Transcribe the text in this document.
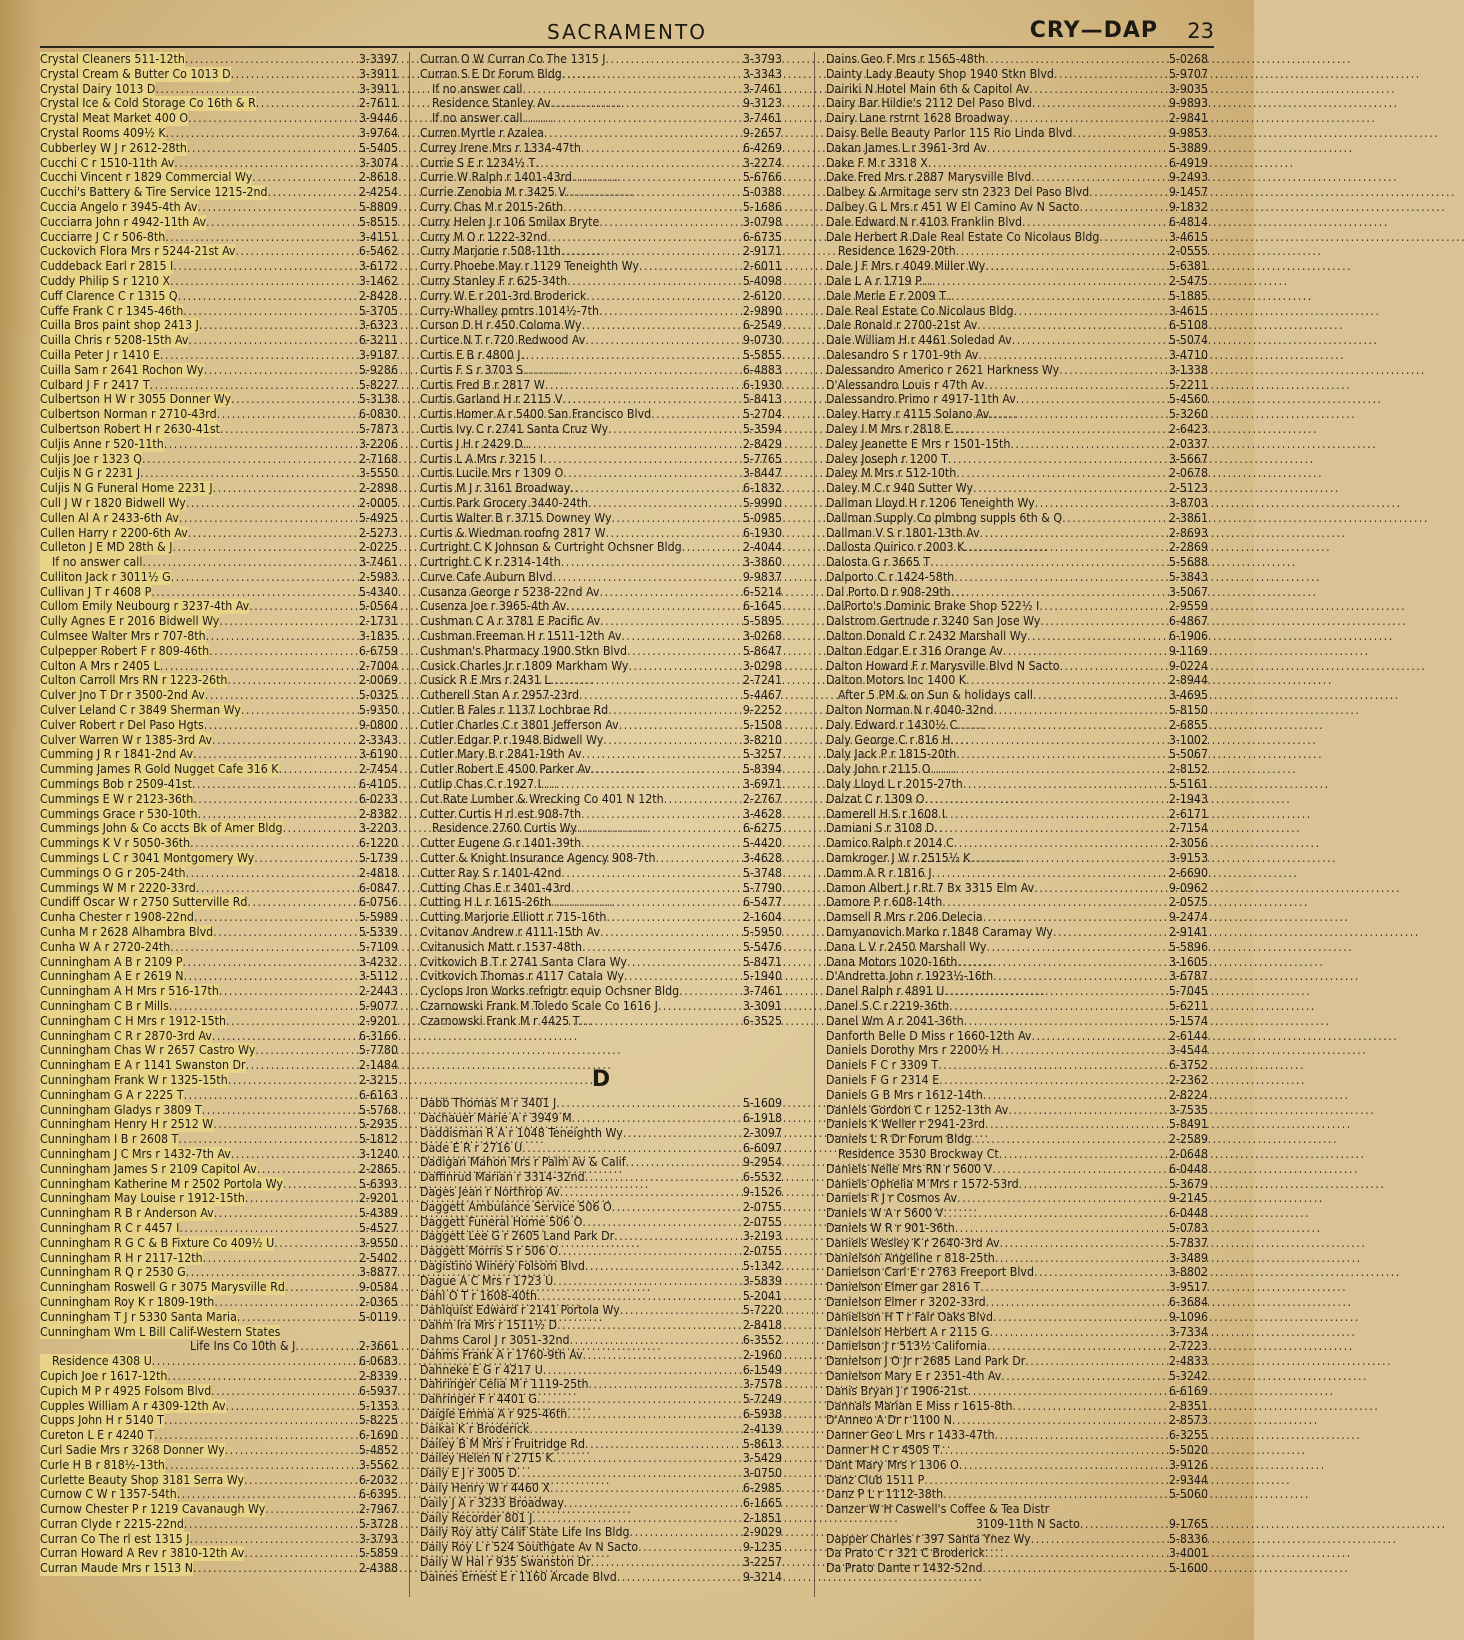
SACRAMENTO	CRY—DAP 23
Crystal Cleaners 511-12th . . .	3-3397
Crystal Cream & Butter Co 1013 D . . .	3-3911
Crystal Dairy 1013 D . . .	3-3911
Crystal Ice & Cold Storage Co 16th & R . . .	2-7611
Crystal Meat Market 400 O . . .	3-9446
Crystal Rooms 409½ K . . .	3-9764
Cubberley W J r 2612-28th . . .	5-5405
Cucchi C r 1510-11th Av . . .	3-3074
Cucchi Vincent r 1829 Commercial Wy . . .	2-8618
Cucchi's Battery & Tire Service 1215-2nd . . .	2-4254
Cuccia Angelo r 3945-4th Av . . .	5-8809
Cucciarra John r 4942-11th Av . . .	5-8515
Cucciarre J C r 506-8th . . .	3-4151
Cuckovich Flora Mrs r 5244-21st Av . . .	6-5462
Cuddeback Earl r 2815 I . . .	3-6172
Cuddy Philip S r 1210 X . . .	3-1462
Cuff Clarence C r 1315 Q . . .	2-8428
Cuffe Frank C r 1345-46th . . .	5-3705
Cuilla Bros paint shop 2413 J . . .	3-6323
Cuilla Chris r 5208-15th Av . . .	6-3211
Cuilla Peter J r 1410 E . . .	3-9187
Cuilla Sam r 2641 Rochon Wy . . .	5-9286
Culbard J F r 2417 T . . .	5-8227
Culbertson H W r 3055 Donner Wy . . .	5-3138
Culbertson Norman r 2710-43rd . . .	6-0830
Culbertson Robert H r 2630-41st . . .	5-7873
Culjis Anne r 520-11th . . .	3-2206
Culjis Joe r 1323 Q . . .	2-7168
Culjis N G r 2231 J . . .	3-5550
Culjis N G Funeral Home 2231 J . . .	2-2898
Cull J W r 1820 Bidwell Wy . . .	2-0005
Cullen Al A r 2433-6th Av . . .	5-4925
Cullen Harry r 2200-6th Av . . .	2-5273
Culleton J E MD 28th & J . . .	2-0225
If no answer call . . .	3-7461
Culliton Jack r 3011½ G . . .	2-5983
Cullivan J T r 4608 P . . .	5-4340
Cullom Emily Neubourg r 3237-4th Av . . .	5-0564
Cully Agnes E r 2016 Bidwell Wy . . .	2-1731
Culmsee Walter Mrs r 707-8th . . .	3-1835
Culpepper Robert F r 809-46th . . .	6-6759
Culton A Mrs r 2405 L . . .	2-7004
Culton Carroll Mrs RN r 1223-26th . . .	2-0069
Culver Jno T Dr r 3500-2nd Av . . .	5-0325
Culver Leland C r 3849 Sherman Wy . . .	5-9350
Culver Robert r Del Paso Hgts . . .	9-0800
Culver Warren W r 1385-3rd Av . . .	2-3343
Cumming J R r 1841-2nd Av . . .	3-6190
Cumming James R Gold Nugget Cafe 316 K . . .	2-7454
Cummings Bob r 2509-41st . . .	6-4105
Cummings E W r 2123-36th . . .	6-0233
Cummings Grace r 530-10th . . .	2-8382
Cummings John & Co accts Bk of Amer Bldg . . .	3-2203
Cummings K V r 5050-36th . . .	6-1220
Cummings L C r 3041 Montgomery Wy . . .	5-1739
Cummings O G r 205-24th . . .	2-4818
Cummings W M r 2220-33rd . . .	6-0847
Cundiff Oscar W r 2750 Sutterville Rd . . .	6-0756
Cunha Chester r 1908-22nd . . .	5-5989
Cunha M r 2628 Alhambra Blvd . . .	5-5339
Cunha W A r 2720-24th . . .	5-7109
Cunningham A B r 2109 P . . .	3-4232
Cunningham A E r 2619 N . . .	3-5112
Cunningham A H Mrs r 516-17th . . .	2-2443
Cunningham C B r Mills . . .	5-9077
Cunningham C H Mrs r 1912-15th . . .	2-9201
Cunningham C R r 2870-3rd Av . . .	6-3166
Cunningham Chas W r 2657 Castro Wy . . .	5-7780
Cunningham E A r 1141 Swanston Dr . . .	2-1484
Cunningham Frank W r 1325-15th . . .	2-3215
Cunningham G A r 2225 T . . .	6-6163
Cunningham Gladys r 3809 T . . .	5-5768
Cunningham Henry H r 2512 W . . .	5-2935
Cunningham I B r 2608 T . . .	5-1812
Cunningham J C Mrs r 1432-7th Av . . .	3-1240
Cunningham James S r 2109 Capitol Av . . .	2-2865
Cunningham Katherine M r 2502 Portola Wy . . .	5-6393
Cunningham May Louise r 1912-15th . . .	2-9201
Cunningham R B r Anderson Av . . .	5-4389
Cunningham R C r 4457 I . . .	5-4527
Cunningham R G C & B Fixture Co 409½ U . . .	3-9550
Cunningham R H r 2117-12th . . .	2-5402
Cunningham R Q r 2530 G . . .	3-8877
Cunningham Roswell G r 3075 Marysville Rd . . .	9-0584
Cunningham Roy K r 1809-19th . . .	2-0365
Cunningham T J r 5330 Santa Maria . . .	5-0119
Cunningham Wm L Bill Calif-Western States
Life Ins Co 10th & J . . .	2-3661
Residence 4308 U . . .	6-0683
Cupich Joe r 1617-12th . . .	2-8339
Cupich M P r 4925 Folsom Blvd . . .	6-5937
Cupples William A r 4309-12th Av . . .	5-1353
Cupps John H r 5140 T . . .	5-8225
Cureton L E r 4240 T . . .	6-1690
Curl Sadie Mrs r 3268 Donner Wy . . .	5-4852
Curle H B r 818½-13th . . .	3-5562
Curlette Beauty Shop 3181 Serra Wy . . .	6-2032
Curnow C W r 1357-54th . . .	6-6395
Curnow Chester P r 1219 Cavanaugh Wy . . .	2-7967
Curran Clyde r 2215-22nd . . .	5-3728
Curran Co The rl est 1315 J . . .	3-3793
Curran Howard A Rev r 3810-12th Av . . .	5-5859
Curran Maude Mrs r 1513 N . . .	2-4388
Curran O W Curran Co The 1315 J . . .	3-3793
Curran S E Dr Forum Bldg . . .	3-3343
If no answer call . . .	3-7461
Residence Stanley Av . . .	9-3123
If no answer call . . .	3-7461
Curren Myrtle r Azalea . . .	9-2657
Currey Irene Mrs r 1334-47th . . .	6-4269
Currie S E r 1234½ T . . .	3-2274
Currie W Ralph r 1401-43rd . . .	5-6766
Currie Zenobia M r 3425 V . . .	5-0388
Curry Chas M r 2015-26th . . .	5-1686
Curry Helen J r 106 Smilax Bryte . . .	3-0798
Curry M O r 1222-32nd . . .	6-6735
Curry Marjorie r 508-11th . . .	2-9171
Curry Phoebe May r 1129 Teneighth Wy . . .	2-6011
Curry Stanley F r 625-34th . . .	5-4098
Curry W E r 201-3rd Broderick . . .	2-6120
Curry-Whalley prntrs 1014½-7th . . .	2-9890
Curson D H r 450 Coloma Wy . . .	6-2549
Curtice N T r 720 Redwood Av . . .	9-0730
Curtis E B r 4800 J . . .	5-5855
Curtis F S r 3703 S . . .	6-4883
Curtis Fred B r 2817 W . . .	6-1930
Curtis Garland H r 2115 V . . .	5-8413
Curtis Homer A r 5400 San Francisco Blvd . . .	5-2704
Curtis Ivy C r 2741 Santa Cruz Wy . . .	5-3594
Curtis J H r 2429 D . . .	2-8429
Curtis L A Mrs r 3215 I . . .	5-7765
Curtis Lucile Mrs r 1309 O . . .	3-8447
Curtis M J r 3161 Broadway . . .	6-1832
Curtis Park Grocery 3440-24th . . .	5-9990
Curtis Walter B r 3715 Downey Wy . . .	5-0985
Curtis & Wiedman roofng 2817 W . . .	6-1930
Curtright C K Johnson & Curtright Ochsner Bldg . . .	2-4044
Curtright C K r 2314-14th . . .	3-3860
Curve Cafe Auburn Blvd . . .	9-9837
Cusanza George r 5238-22nd Av . . .	6-5214
Cusenza Joe r 3965-4th Av . . .	6-1645
Cushman C A r 3781 E Pacific Av . . .	5-5895
Cushman Freeman H r 1511-12th Av . . .	3-0268
Cushman's Pharmacy 1900 Stkn Blvd . . .	5-8647
Cusick Charles Jr r 1809 Markham Wy . . .	3-0298
Cusick R E Mrs r 2431 L . . .	2-7241
Cutherell Stan A r 2957-23rd . . .	5-4467
Cutler B Fales r 1137 Lochbrae Rd . . .	9-2252
Cutler Charles C r 3801 Jefferson Av . . .	5-1508
Cutler Edgar P r 1948 Bidwell Wy . . .	3-8210
Cutler Mary B r 2841-19th Av . . .	5-3257
Cutler Robert E 4500 Parker Av . . .	5-8394
Cutlip Chas C r 1927 I . . .	3-6971
Cut Rate Lumber & Wrecking Co 401 N 12th . . .	2-2767
Cutter Curtis H rl est 908-7th . . .	3-4628
Residence 2760 Curtis Wy . . .	6-6275
Cutter Eugene G r 1401-39th . . .	5-4420
Cutter & Knight Insurance Agency 908-7th . . .	3-4628
Cutter Ray S r 1401-42nd . . .	5-3748
Cutting Chas E r 3401-43rd . . .	5-7790
Cutting H L r 1615-26th . . .	6-5477
Cutting Marjorie Elliott r 715-16th . . .	2-1604
Cvitanov Andrew r 4111-15th Av . . .	5-5950
Cvitanusich Matt r 1537-48th . . .	5-5476
Cvitkovich B T r 2741 Santa Clara Wy . . .	5-8471
Cvitkovich Thomas r 4117 Catala Wy . . .	5-1940
Cyclops Iron Works refrigtr equip Ochsner Bldg . . .	3-7461
Czarnowski Frank M Toledo Scale Co 1616 J . . .	3-3091
Czarnowski Frank M r 4425 T . . .	6-3525
D
Dabb Thomas M r 3401 J . . .	5-1609
Dachauer Marie A r 3949 M . . .	6-1918
Daddisman R A r 1048 Teneighth Wy . . .	2-3097
Dade E R r 2716 U . . .	6-6097
Dadigan Mahon Mrs r Palm Av & Calif . . .	9-2954
Daffinrud Marian r 3314-32nd . . .	6-5532
Dages Jean r Northrop Av . . .	9-1526
Daggett Ambulance Service 506 O . . .	2-0755
Daggett Funeral Home 506 O . . .	2-0755
Daggett Lee G r 2605 Land Park Dr . . .	3-2193
Daggett Morris S r 506 O . . .	2-0755
Dagistino Winery Folsom Blvd . . .	5-1342
Dague A C Mrs r 1723 U . . .	3-5839
Dahl O T r 1608-40th . . .	5-2041
Dahlquist Edward r 2141 Portola Wy . . .	5-7220
Dahm Ira Mrs r 1511½ D . . .	2-8418
Dahms Carol J r 3051-32nd . . .	6-3552
Dahms Frank A r 1760-9th Av . . .	2-1960
Dahneke E G r 4217 U . . .	6-1549
Dahringer Celia M r 1119-25th . . .	3-7578
Dahringer F r 4401 G . . .	5-7249
Daigle Emma A r 925-46th . . .	6-5938
Daikai K r Broderick . . .	2-4139
Dailey B M Mrs r Fruitridge Rd . . .	5-8613
Dailey Helen N r 2715 K . . .	3-5429
Daily E J r 3005 D . . .	3-0750
Daily Henry W r 4460 X . . .	6-2985
Daily J A r 3233 Broadway . . .	6-1665
Daily Recorder 801 J . . .	2-1851
Daily Roy atty Calif State Life Ins Bldg . . .	2-9029
Daily Roy L r 524 Southgate Av N Sacto . . .	9-1235
Daily W Hal r 935 Swanston Dr . . .	3-2257
Daines Ernest E r 1160 Arcade Blvd . . .	9-3214
Dains Geo F Mrs r 1565-48th . . .	5-0268
Dainty Lady Beauty Shop 1940 Stkn Blvd . . .	5-9707
Dairiki N Hotel Main 6th & Capitol Av . . .	3-9035
Dairy Bar Hildie's 2112 Del Paso Blvd . . .	9-9893
Dairy Lane rstrnt 1628 Broadway . . .	2-9841
Daisy Belle Beauty Parlor 115 Rio Linda Blvd . . .	9-9853
Dakan James L r 3961-3rd Av . . .	5-3889
Dake F M r 3318 X . . .	6-4919
Dake Fred Mrs r 2887 Marysville Blvd . . .	9-2493
Dalbey & Armitage serv stn 2323 Del Paso Blvd . . .	9-1457
Dalbey G L Mrs r 451 W El Camino Av N Sacto . . .	9-1832
Dale Edward N r 4103 Franklin Blvd . . .	6-4814
Dale Herbert R Dale Real Estate Co Nicolaus Bldg . . .	3-4615
Residence 1629-20th . . .	2-0555
Dale J F Mrs r 4049 Miller Wy . . .	5-6381
Dale L A r 1719 P . . .	2-5475
Dale Merle E r 2009 T . . .	5-1885
Dale Real Estate Co Nicolaus Bldg . . .	3-4615
Dale Ronald r 2700-21st Av . . .	6-5108
Dale William H r 4461 Soledad Av . . .	5-5074
Dalesandro S r 1701-9th Av . . .	3-4710
Dalessandro Americo r 2621 Harkness Wy . . .	3-1338
D'Alessandro Louis r 47th Av . . .	5-2211
Dalessandro Primo r 4917-11th Av . . .	5-4560
Daley Harry r 4115 Solano Av . . .	5-3260
Daley I M Mrs r 2818 E . . .	2-6423
Daley Jeanette E Mrs r 1501-15th . . .	2-0337
Daley Joseph r 1200 T . . .	3-5667
Daley M Mrs r 512-10th . . .	2-0678
Daley M C r 940 Sutter Wy . . .	2-5123
Dallman Lloyd H r 1206 Teneighth Wy . . .	3-8703
Dallman Supply Co plmbng suppls 6th & Q . . .	2-3861
Dallman V S r 1801-13th Av . . .	2-8693
Dallosta Quirico r 2003 K . . .	2-2869
Dalosta G r 3665 T . . .	5-5688
Dalporto C r 1424-58th . . .	5-3843
Dal Porto D r 908-29th . . .	3-5067
DalPorto's Dominic Brake Shop 522½ I . . .	2-9559
Dalstrom Gertrude r 3240 San Jose Wy . . .	6-4867
Dalton Donald C r 2432 Marshall Wy . . .	6-1906
Dalton Edgar E r 316 Orange Av . . .	9-1169
Dalton Howard F r Marysville Blvd N Sacto . . .	9-0224
Dalton Motors Inc 1400 K . . .	2-8944
After 5 PM & on Sun & holidays call . . .	3-4695
Dalton Norman N r 4040-32nd . . .	5-8150
Daly Edward r 1430½ C . . .	2-6855
Daly George C r 816 H . . .	3-1002
Daly Jack P r 1815-20th . . .	5-5067
Daly John r 2115 O . . .	2-8152
Daly Lloyd L r 2015-27th . . .	5-5161
Dalzat C r 1309 O . . .	2-1943
Damerell H S r 1608 I . . .	2-6171
Damiani S r 3108 D . . .	2-7154
Damico Ralph r 2014 C . . .	2-3056
Damkroger J W r 2515½ K . . .	3-9153
Damm A R r 1816 J . . .	2-6690
Damon Albert J r Rt 7 Bx 3315 Elm Av . . .	9-0962
Damore P r 608-14th . . .	2-0575
Damsell R Mrs r 206 Delecia . . .	9-2474
Damyanovich Marko r 1848 Caramay Wy . . .	2-9141
Dana L V r 2450 Marshall Wy . . .	5-5896
Dana Motors 1020-16th . . .	3-1605
D'Andretta John r 1923½-16th . . .	3-6787
Danel Ralph r 4891 U . . .	5-7045
Danel S C r 2219-36th . . .	5-6211
Danel Wm A r 2041-36th . . .	5-1574
Danforth Belle D Miss r 1660-12th Av . . .	2-6144
Daniels Dorothy Mrs r 2200½ H . . .	3-4544
Daniels F C r 3309 T . . .	6-3752
Daniels F G r 2314 E . . .	2-2362
Daniels G B Mrs r 1612-14th . . .	2-8224
Daniels Gordon C r 1252-13th Av . . .	3-7535
Daniels K Weller r 2941-23rd . . .	5-8491
Daniels L R Dr Forum Bldg . . .	2-2589
Residence 3530 Brockway Ct . . .	2-0648
Daniels Nelle Mrs RN r 5600 V . . .	6-0448
Daniels Ophelia M Mrs r 1572-53rd . . .	5-3679
Daniels R J r Cosmos Av . . .	9-2145
Daniels W A r 5600 V . . .	6-0448
Daniels W R r 901-36th . . .	5-0783
Daniels Wesley K r 2640-3rd Av . . .	5-7837
Danielson Angeline r 818-25th . . .	3-3489
Danielson Carl E r 2763 Freeport Blvd . . .	3-8802
Danielson Elmer gar 2816 T . . .	3-9517
Danielson Elmer r 3202-33rd . . .	6-3684
Danielson H T r Fair Oaks Blvd . . .	9-1096
Danielson Herbert A r 2115 G . . .	3-7334
Danielson J r 513½ California . . .	2-7223
Danielson J O Jr r 2685 Land Park Dr . . .	2-4833
Danielson Mary E r 2351-4th Av . . .	5-3242
Danis Bryan J r 1906-21st . . .	6-6169
Dannals Marian E Miss r 1615-8th . . .	2-8351
D'Anneo A Dr r 1100 N . . .	2-8573
Danner Geo L Mrs r 1433-47th . . .	6-3255
Danner H C r 4505 T . . .	5-5020
Dant Mary Mrs r 1306 O . . .	3-9126
Danz Club 1511 P . . .	2-9344
Danz P L r 1112-38th . . .	5-5060
Danzer W H Caswell's Coffee & Tea Distr
3109-11th N Sacto . . .	9-1765
Dapper Charles r 397 Santa Ynez Wy . . .	5-8336
Da Prato C r 321 C Broderick . . .	3-4001
Da Prato Dante r 1432-52nd . . .	5-1600
